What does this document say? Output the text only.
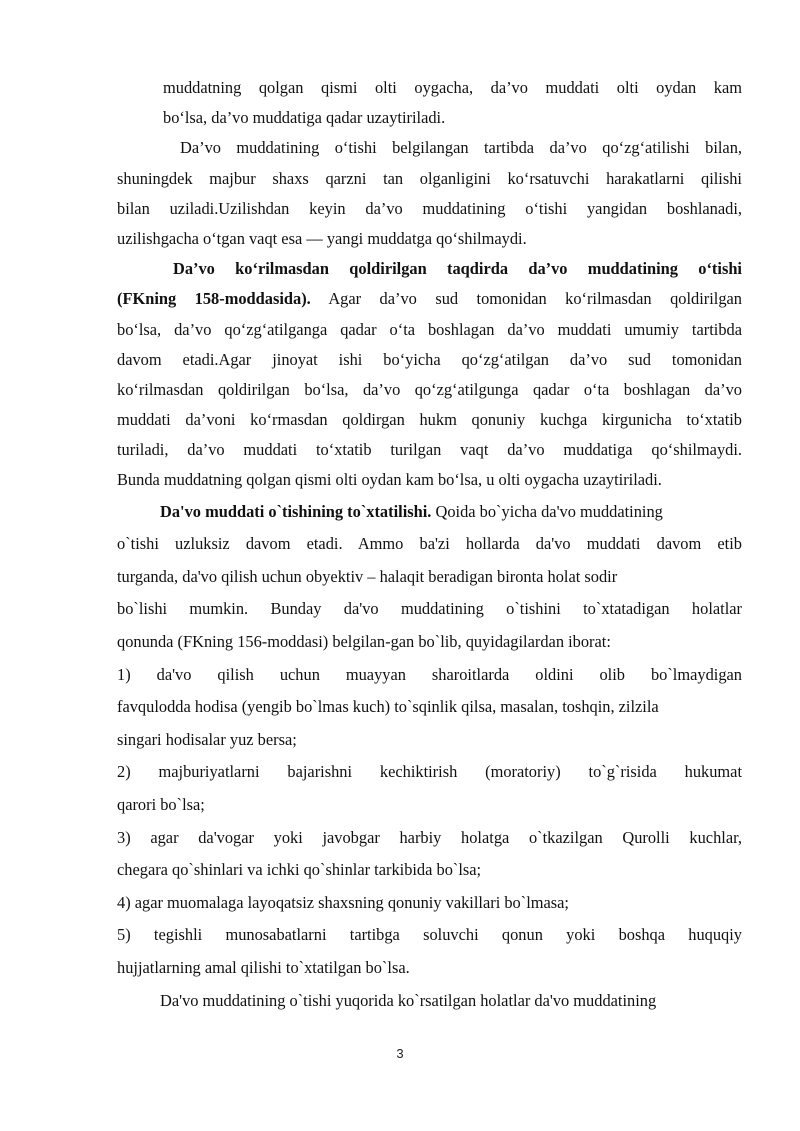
muddatning qolgan qismi olti oygacha, da’vo muddati olti oydan kam
bo‘lsa, da’vo muddatiga qadar uzaytiriladi.
Da’vo muddatining o‘tishi belgilangan tartibda da’vo qo‘zg‘atilishi bilan,
shuningdek majbur shaxs qarzni tan olganligini ko‘rsatuvchi harakatlarni qilishi
bilan uziladi.Uzilishdan keyin da’vo muddatining o‘tishi yangidan boshlanadi,
uzilishgacha o‘tgan vaqt esa — yangi muddatga qo‘shilmaydi.
Da’vo ko‘rilmasdan qoldirilgan taqdirda da’vo muddatining o‘tishi
(FKning 158-moddasida). Agar da’vo sud tomonidan ko‘rilmasdan qoldirilgan
bo‘lsa, da’vo qo‘zg‘atilganga qadar o‘ta boshlagan da’vo muddati umumiy tartibda
davom etadi.Agar jinoyat ishi bo‘yicha qo‘zg‘atilgan da’vo sud tomonidan
ko‘rilmasdan qoldirilgan bo‘lsa, da’vo qo‘zg‘atilgunga qadar o‘ta boshlagan da’vo
muddati da’voni ko‘rmasdan qoldirgan hukm qonuniy kuchga kirgunicha to‘xtatib
turiladi, da’vo muddati to‘xtatib turilgan vaqt da’vo muddatiga qo‘shilmaydi.
Bunda muddatning qolgan qismi olti oydan kam bo‘lsa, u olti oygacha uzaytiriladi.
Da'vo muddati o`tishining to`xtatilishi. Qoida bo`yicha da'vo muddatining
o`tishi uzluksiz davom etadi. Ammo ba'zi hollarda da'vo muddati davom etib
turganda, da'vo qilish uchun obyektiv – halaqit beradigan bironta holat sodir
bo`lishi mumkin. Bunday da'vo muddatining o`tishini to`xtatadigan holatlar
qonunda (FKning 156-moddasi) belgilan-gan bo`lib, quyidagilardan iborat:
1) da'vo qilish uchun muayyan sharoitlarda oldini olib bo`lmaydigan
favqulodda hodisa (yengib bo`lmas kuch) to`sqinlik qilsa, masalan, toshqin, zilzila
singari hodisalar yuz bersa;
2) majburiyatlarni bajarishni kechiktirish (moratoriy) to`g`risida hukumat
qarori bo`lsa;
3) agar da'vogar yoki javobgar harbiy holatga o`tkazilgan Qurolli kuchlar,
chegara qo`shinlari va ichki qo`shinlar tarkibida bo`lsa;
4) agar muomalaga layoqatsiz shaxsning qonuniy vakillari bo`lmasa;
5) tegishli munosabatlarni tartibga soluvchi qonun yoki boshqa huquqiy
hujjatlarning amal qilishi to`xtatilgan bo`lsa.
Da'vo muddatining o`tishi yuqorida ko`rsatilgan holatlar da'vo muddatining
3
